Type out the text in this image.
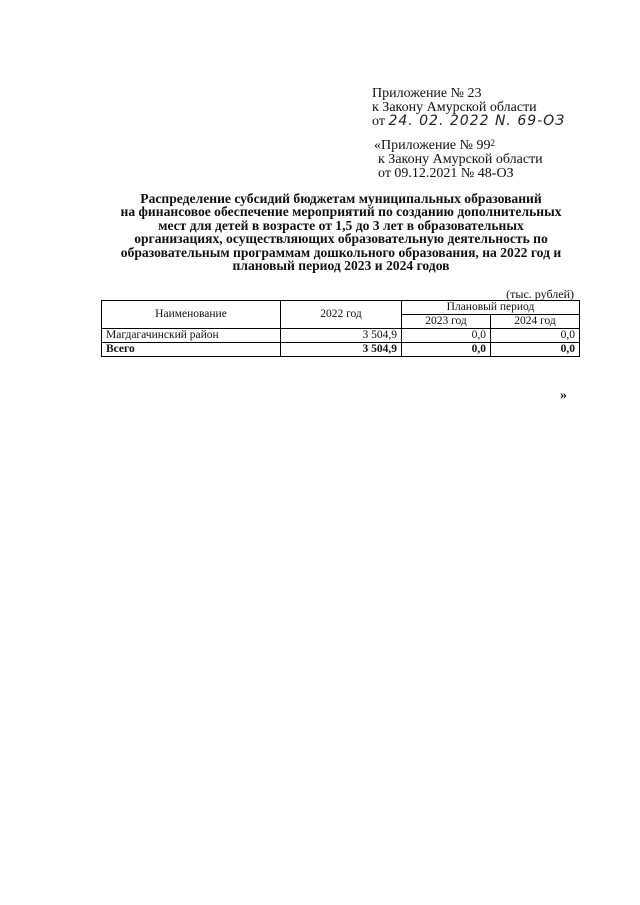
Приложение № 23
к Закону Амурской области
от 24. 02. 2022 N. 69-ОЗ
«Приложение № $99^2$
к Закону Амурской области
от 09.12.2021 № 48-ОЗ
Распределение субсидий бюджетам муниципальных образований
на финансовое обеспечение мероприятий по созданию дополнительных
мест для детей в возрасте от 1,5 до 3 лет в образовательных
организациях, осуществляющих образовательную деятельность по
образовательным программам дошкольного образования, на 2022 год и
плановый период 2023 и 2024 годов
(тыс. рублей)
Наименование	2022 год	Плановый период	
		2023 год	2024 год
Магдагачинский район	3 504,9	0,0	0,0
Всего	3 504,9	0,0	0,0
»
